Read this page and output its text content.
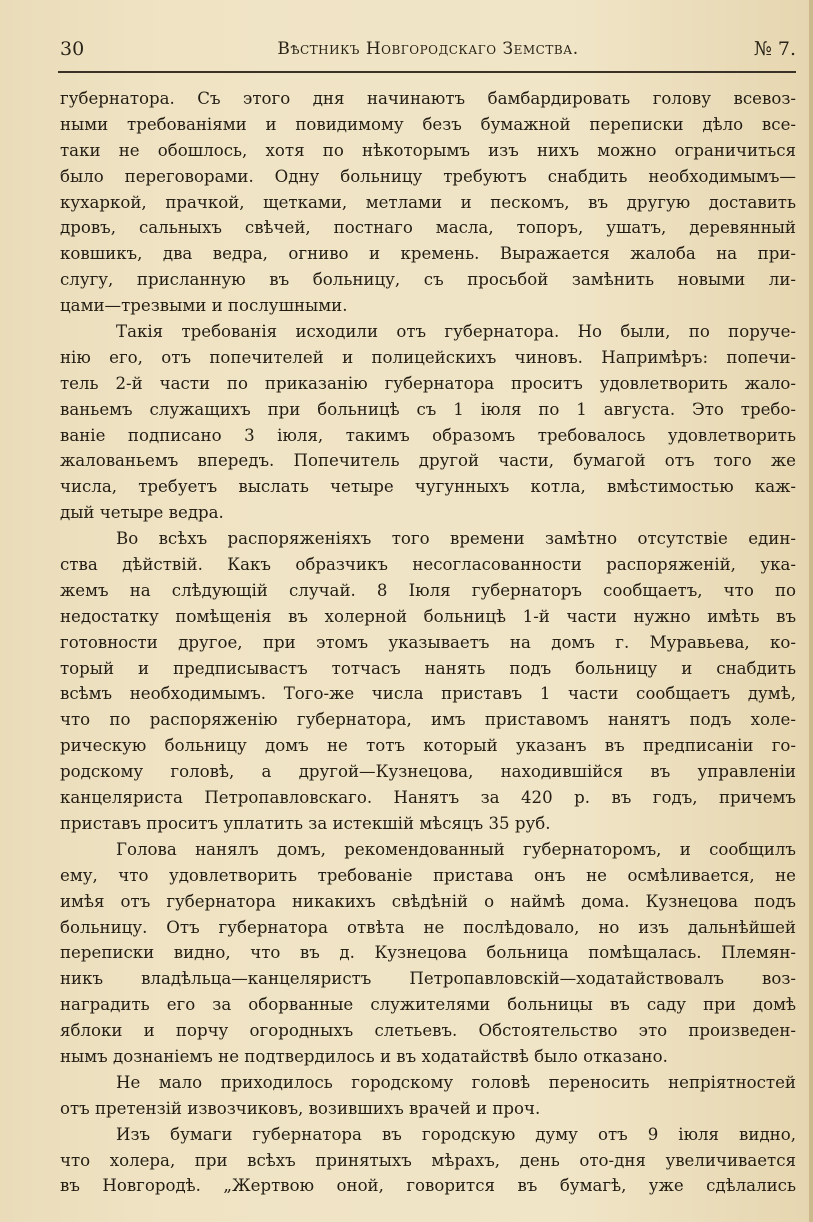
30	Вѣстникъ Новгородскаго Земства.	№ 7.
губернатора. Съ этого дня начинаютъ бамбардировать голову всевоз-
ными требованіями и повидимому безъ бумажной переписки дѣло все-
таки не обошлось, хотя по нѣкоторымъ изъ нихъ можно ограничиться
было переговорами. Одну больницу требуютъ снабдить необходимымъ—
кухаркой, прачкой, щетками, метлами и пескомъ, въ другую доставить
дровъ, сальныхъ свѣчей, постнаго масла, топоръ, ушатъ, деревянный
ковшикъ, два ведра, огниво и кремень. Выражается жалоба на при-
слугу, присланную въ больницу, съ просьбой замѣнить новыми ли-
цами—трезвыми и послушными.
Такія требованія исходили отъ губернатора. Но были, по поруче-
нію его, отъ попечителей и полицейскихъ чиновъ. Напримѣръ: попечи-
тель 2-й части по приказанію губернатора проситъ удовлетворить жало-
ваньемъ служащихъ при больницѣ съ 1 іюля по 1 августа. Это требо-
ваніе подписано 3 іюля, такимъ образомъ требовалось удовлетворить
жалованьемъ впередъ. Попечитель другой части, бумагой отъ того же
числа, требуетъ выслать четыре чугунныхъ котла, вмѣстимостью каж-
дый четыре ведра.
Во всѣхъ распоряженіяхъ того времени замѣтно отсутствіе един-
ства дѣйствій. Какъ образчикъ несогласованности распоряженій, ука-
жемъ на слѣдующій случай. 8 Іюля губернаторъ сообщаетъ, что по
недостатку помѣщенія въ холерной больницѣ 1-й части нужно имѣть въ
готовности другое, при этомъ указываетъ на домъ г. Муравьева, ко-
торый и предписывастъ тотчасъ нанять подъ больницу и снабдить
всѣмъ необходимымъ. Того-же числа приставъ 1 части сообщаетъ думѣ,
что по распоряженію губернатора, имъ приставомъ нанятъ подъ холе-
рическую больницу домъ не тотъ который указанъ въ предписаніи го-
родскому головѣ, а другой—Кузнецова, находившійся въ управленіи
канцеляриста Петропавловскаго. Нанятъ за 420 р. въ годъ, причемъ
приставъ проситъ уплатить за истекшій мѣсяцъ 35 руб.
Голова нанялъ домъ, рекомендованный губернаторомъ, и сообщилъ
ему, что удовлетворить требованіе пристава онъ не осмѣливается, не
имѣя отъ губернатора никакихъ свѣдѣній о наймѣ дома. Кузнецова подъ
больницу. Отъ губернатора отвѣта не послѣдовало, но изъ дальнѣйшей
переписки видно, что въ д. Кузнецова больница помѣщалась. Племян-
никъ владѣльца—канцеляристъ Петропавловскій—ходатайствовалъ воз-
наградить его за оборванные служителями больницы въ саду при домѣ
яблоки и порчу огородныхъ слетьевъ. Обстоятельство это произведен-
нымъ дознаніемъ не подтвердилось и въ ходатайствѣ было отказано.
Не мало приходилось городскому головѣ переносить непріятностей
отъ претензій извозчиковъ, возившихъ врачей и проч.
Изъ бумаги губернатора въ городскую думу отъ 9 іюля видно,
что холера, при всѣхъ принятыхъ мѣрахъ, день ото-дня увеличивается
въ Новгородѣ. „Жертвою оной, говорится въ бумагѣ, уже сдѣлались
